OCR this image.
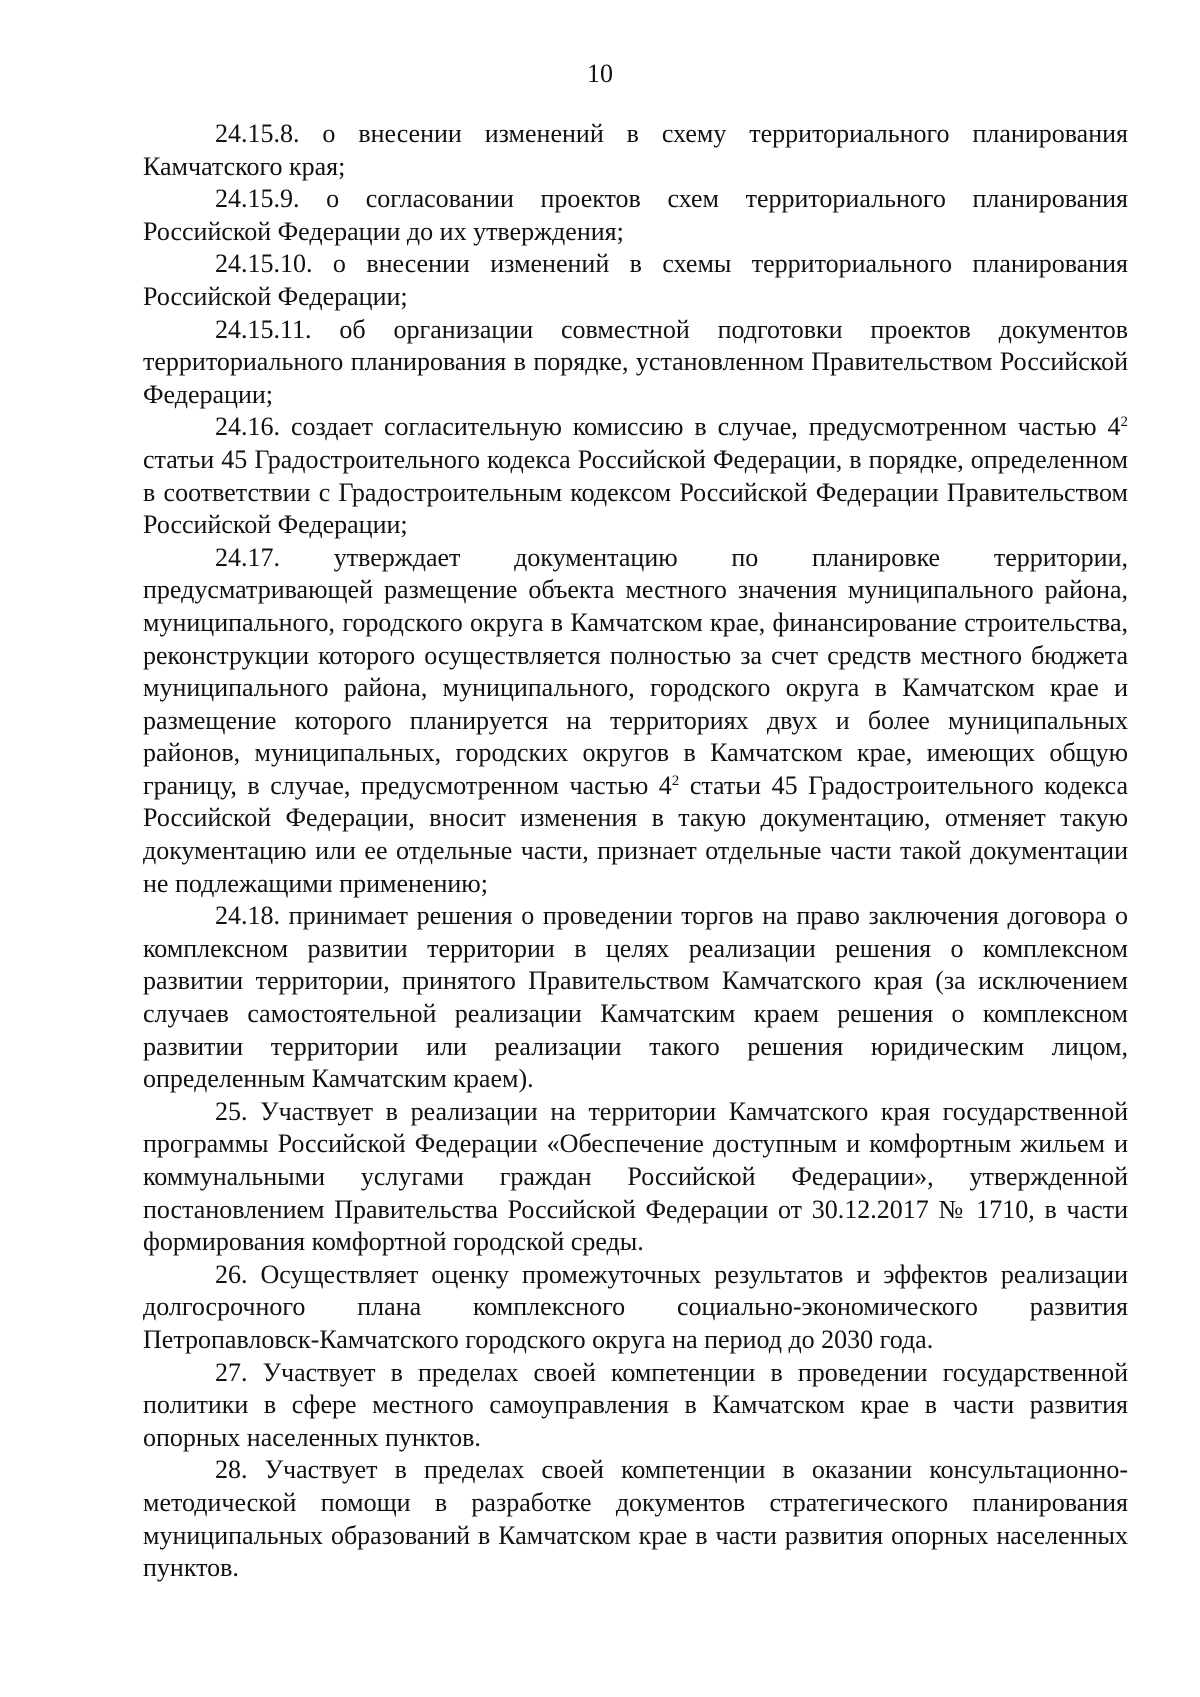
10

24.15.8. о внесении изменений в схему территориального планирования Камчатского края;

24.15.9. о согласовании проектов схем территориального планирования Российской Федерации до их утверждения;

24.15.10. о внесении изменений в схемы территориального планирования Российской Федерации;

24.15.11. об организации совместной подготовки проектов документов территориального планирования в порядке, установленном Правительством Российской Федерации;

24.16. создает согласительную комиссию в случае, предусмотренном частью $4^2$ статьи 45 Градостроительного кодекса Российской Федерации, в порядке, определенном в соответствии с Градостроительным кодексом Российской Федерации Правительством Российской Федерации;

24.17. утверждает документацию по планировке территории, предусматривающей размещение объекта местного значения муниципального района, муниципального, городского округа в Камчатском крае, финансирование строительства, реконструкции которого осуществляется полностью за счет средств местного бюджета муниципального района, муниципального, городского округа в Камчатском крае и размещение которого планируется на территориях двух и более муниципальных районов, муниципальных, городских округов в Камчатском крае, имеющих общую границу, в случае, предусмотренном частью $4^2$ статьи 45 Градостроительного кодекса Российской Федерации, вносит изменения в такую документацию, отменяет такую документацию или ее отдельные части, признает отдельные части такой документации не подлежащими применению;

24.18. принимает решения о проведении торгов на право заключения договора о комплексном развитии территории в целях реализации решения о комплексном развитии территории, принятого Правительством Камчатского края (за исключением случаев самостоятельной реализации Камчатским краем решения о комплексном развитии территории или реализации такого решения юридическим лицом, определенным Камчатским краем).

25. Участвует в реализации на территории Камчатского края государственной программы Российской Федерации «Обеспечение доступным и комфортным жильем и коммунальными услугами граждан Российской Федерации», утвержденной постановлением Правительства Российской Федерации от 30.12.2017 № 1710, в части формирования комфортной городской среды.

26. Осуществляет оценку промежуточных результатов и эффектов реализации долгосрочного плана комплексного социально-экономического развития Петропавловск-Камчатского городского округа на период до 2030 года.

27. Участвует в пределах своей компетенции в проведении государственной политики в сфере местного самоуправления в Камчатском крае в части развития опорных населенных пунктов.

28. Участвует в пределах своей компетенции в оказании консультационно-методической помощи в разработке документов стратегического планирования муниципальных образований в Камчатском крае в части развития опорных населенных пунктов.
